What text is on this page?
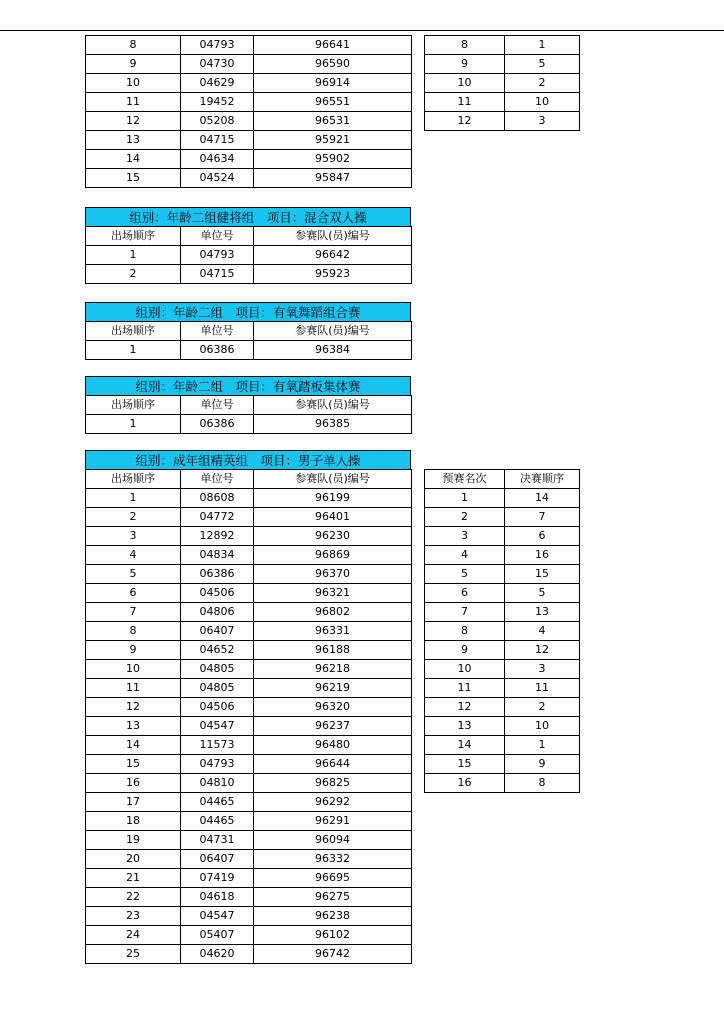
8	04793	96641
9	04730	96590
10	04629	96914
11	19452	96551
12	05208	96531
13	04715	95921
14	04634	95902
15	04524	95847
8	1
9	5
10	2
11	10
12	3
组别：年龄二组健将组　项目：混合双人操
出场顺序	单位号	参赛队(员)编号
1	04793	96642
2	04715	95923
组别：年龄二组　项目：有氧舞蹈组合赛
出场顺序	单位号	参赛队(员)编号
1	06386	96384
组别：年龄二组　项目：有氧踏板集体赛
出场顺序	单位号	参赛队(员)编号
1	06386	96385
组别：成年组精英组　项目：男子单人操
出场顺序	单位号	参赛队(员)编号
1	08608	96199
2	04772	96401
3	12892	96230
4	04834	96869
5	06386	96370
6	04506	96321
7	04806	96802
8	06407	96331
9	04652	96188
10	04805	96218
11	04805	96219
12	04506	96320
13	04547	96237
14	11573	96480
15	04793	96644
16	04810	96825
17	04465	96292
18	04465	96291
19	04731	96094
20	06407	96332
21	07419	96695
22	04618	96275
23	04547	96238
24	05407	96102
25	04620	96742
预赛名次	决赛顺序
1	14
2	7
3	6
4	16
5	15
6	5
7	13
8	4
9	12
10	3
11	11
12	2
13	10
14	1
15	9
16	8
